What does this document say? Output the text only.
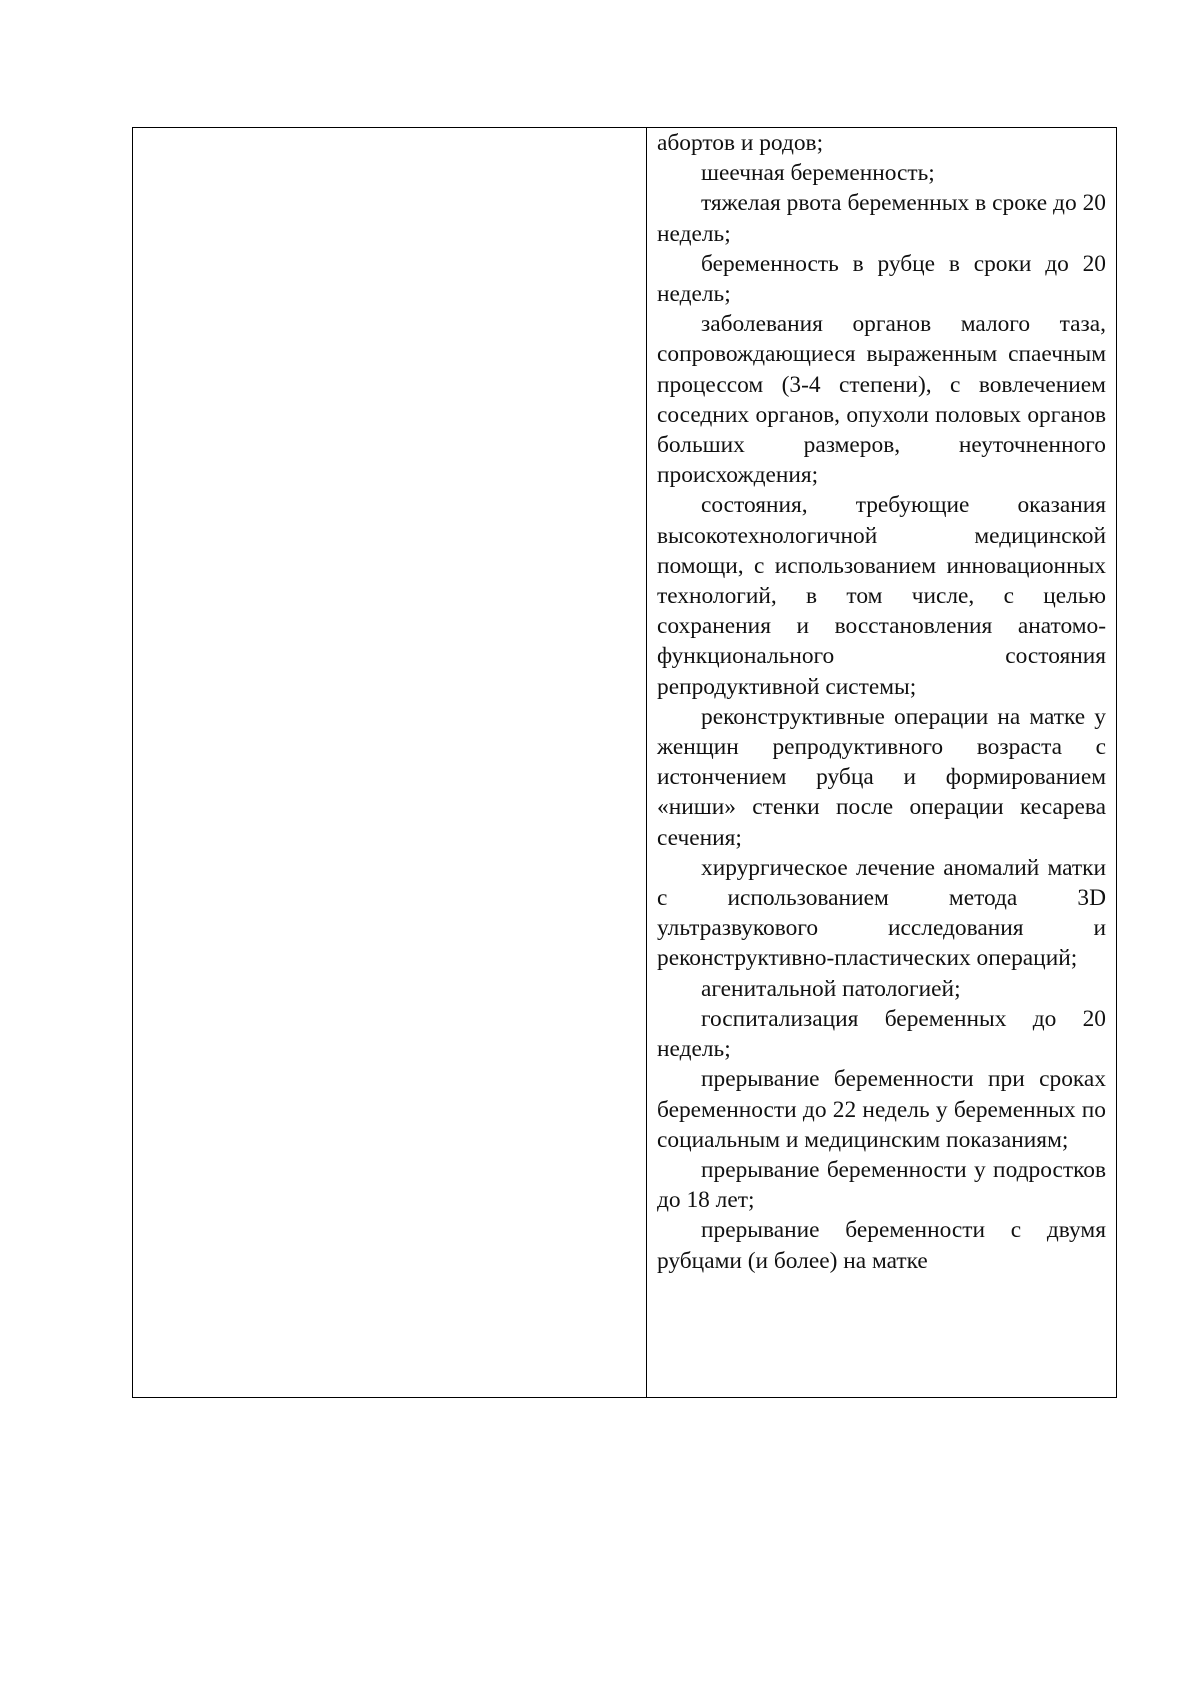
абортов и родов;

шеечная беременность;

тяжелая рвота беременных в сроке до 20 недель;

беременность в рубце в сроки до 20 недель;

заболевания органов малого таза, сопровождающиеся выраженным спаечным процессом (3-4 степени), с вовлечением соседних органов, опухоли половых органов больших размеров, неуточненного происхождения;

состояния, требующие оказания высокотехнологичной медицинской помощи, с использованием инновационных технологий, в том числе, с целью сохранения и восстановления анатомо-функционального состояния репродуктивной системы;

реконструктивные операции на матке у женщин репродуктивного возраста с истончением рубца и формированием «ниши» стенки после операции кесарева сечения;

хирургическое лечение аномалий матки с использованием метода 3D ультразвукового исследования и реконструктивно-пластических операций;

агенитальной патологией;

госпитализация беременных до 20 недель;

прерывание беременности при сроках беременности до 22 недель у беременных по социальным и медицинским показаниям;

прерывание беременности у подростков до 18 лет;

прерывание беременности с двумя рубцами (и более) на матке
